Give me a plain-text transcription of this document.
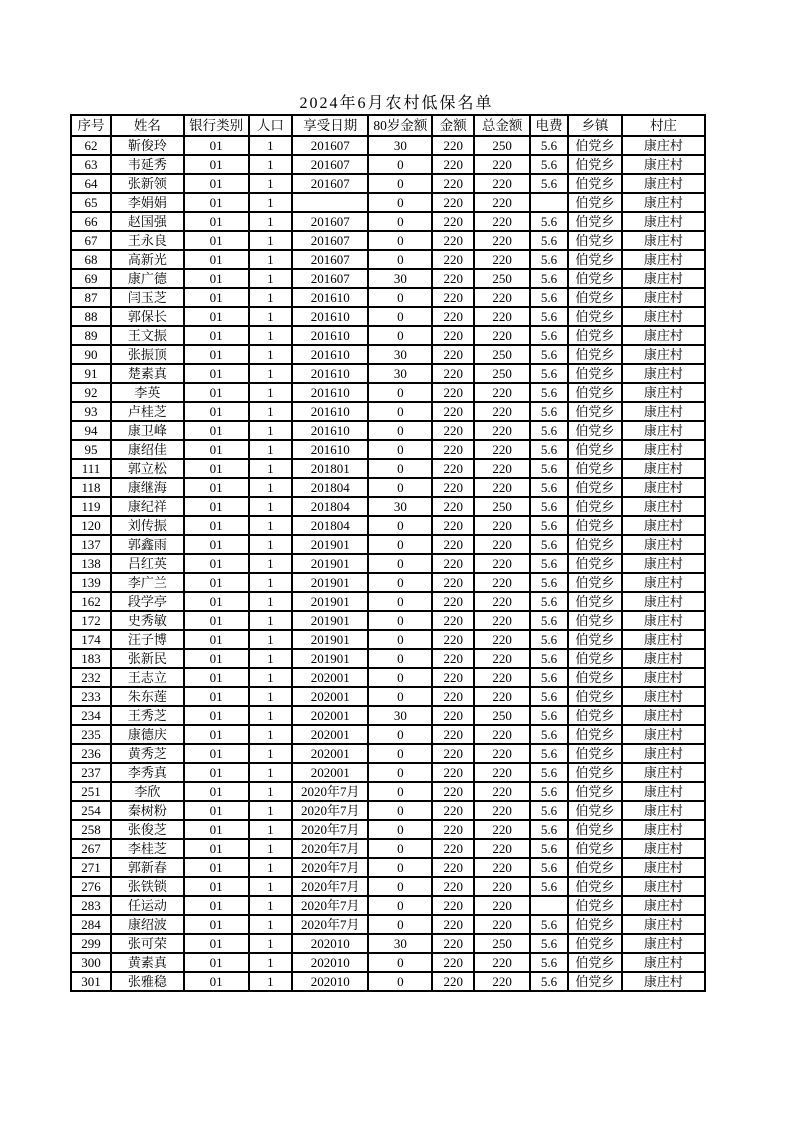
2024年6月农村低保名单
序号	姓名	银行类别	人口	享受日期	80岁金额	金额	总金额	电费	乡镇	村庄
62	靳俊玲	01	1	201607	30	220	250	5.6	伯党乡	康庄村
63	韦延秀	01	1	201607	0	220	220	5.6	伯党乡	康庄村
64	张新领	01	1	201607	0	220	220	5.6	伯党乡	康庄村
65	李娟娟	01	1		0	220	220		伯党乡	康庄村
66	赵国强	01	1	201607	0	220	220	5.6	伯党乡	康庄村
67	王永良	01	1	201607	0	220	220	5.6	伯党乡	康庄村
68	高新光	01	1	201607	0	220	220	5.6	伯党乡	康庄村
69	康广德	01	1	201607	30	220	250	5.6	伯党乡	康庄村
87	闫玉芝	01	1	201610	0	220	220	5.6	伯党乡	康庄村
88	郭保长	01	1	201610	0	220	220	5.6	伯党乡	康庄村
89	王文振	01	1	201610	0	220	220	5.6	伯党乡	康庄村
90	张振顶	01	1	201610	30	220	250	5.6	伯党乡	康庄村
91	楚素真	01	1	201610	30	220	250	5.6	伯党乡	康庄村
92	李英	01	1	201610	0	220	220	5.6	伯党乡	康庄村
93	卢桂芝	01	1	201610	0	220	220	5.6	伯党乡	康庄村
94	康卫峰	01	1	201610	0	220	220	5.6	伯党乡	康庄村
95	康绍佳	01	1	201610	0	220	220	5.6	伯党乡	康庄村
111	郭立松	01	1	201801	0	220	220	5.6	伯党乡	康庄村
118	康继海	01	1	201804	0	220	220	5.6	伯党乡	康庄村
119	康纪祥	01	1	201804	30	220	250	5.6	伯党乡	康庄村
120	刘传振	01	1	201804	0	220	220	5.6	伯党乡	康庄村
137	郭鑫雨	01	1	201901	0	220	220	5.6	伯党乡	康庄村
138	吕红英	01	1	201901	0	220	220	5.6	伯党乡	康庄村
139	李广兰	01	1	201901	0	220	220	5.6	伯党乡	康庄村
162	段学亭	01	1	201901	0	220	220	5.6	伯党乡	康庄村
172	史秀敏	01	1	201901	0	220	220	5.6	伯党乡	康庄村
174	汪子博	01	1	201901	0	220	220	5.6	伯党乡	康庄村
183	张新民	01	1	201901	0	220	220	5.6	伯党乡	康庄村
232	王志立	01	1	202001	0	220	220	5.6	伯党乡	康庄村
233	朱东莲	01	1	202001	0	220	220	5.6	伯党乡	康庄村
234	王秀芝	01	1	202001	30	220	250	5.6	伯党乡	康庄村
235	康德庆	01	1	202001	0	220	220	5.6	伯党乡	康庄村
236	黄秀芝	01	1	202001	0	220	220	5.6	伯党乡	康庄村
237	李秀真	01	1	202001	0	220	220	5.6	伯党乡	康庄村
251	李欣	01	1	2020年7月	0	220	220	5.6	伯党乡	康庄村
254	秦树粉	01	1	2020年7月	0	220	220	5.6	伯党乡	康庄村
258	张俊芝	01	1	2020年7月	0	220	220	5.6	伯党乡	康庄村
267	李桂芝	01	1	2020年7月	0	220	220	5.6	伯党乡	康庄村
271	郭新春	01	1	2020年7月	0	220	220	5.6	伯党乡	康庄村
276	张铁锁	01	1	2020年7月	0	220	220	5.6	伯党乡	康庄村
283	任运动	01	1	2020年7月	0	220	220		伯党乡	康庄村
284	康绍波	01	1	2020年7月	0	220	220	5.6	伯党乡	康庄村
299	张可荣	01	1	202010	30	220	250	5.6	伯党乡	康庄村
300	黄素真	01	1	202010	0	220	220	5.6	伯党乡	康庄村
301	张雅稳	01	1	202010	0	220	220	5.6	伯党乡	康庄村
